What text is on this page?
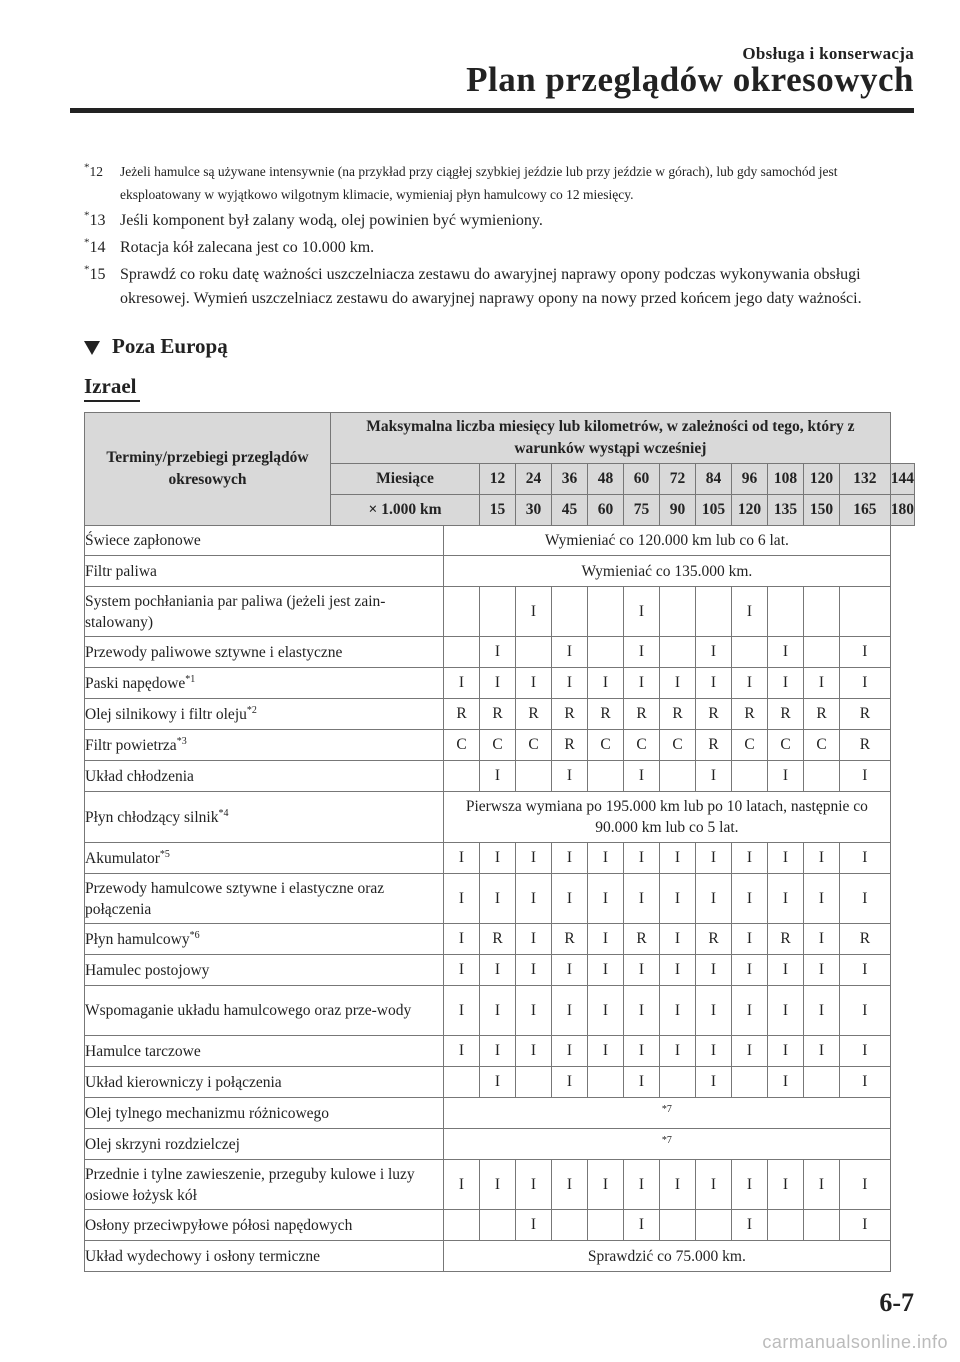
Obsługa i konserwacja
Plan przeglądów okresowych
*12 Jeżeli hamulce są używane intensywnie (na przykład przy ciągłej szybkiej jeździe lub przy jeździe w górach), lub gdy samochód jest eksploatowany w wyjątkowo wilgotnym klimacie, wymieniaj płyn hamulcowy co 12 miesięcy.
*13 Jeśli komponent był zalany wodą, olej powinien być wymieniony.
*14 Rotacja kół zalecana jest co 10.000 km.
*15 Sprawdź co roku datę ważności uszczelniacza zestawu do awaryjnej naprawy opony podczas wykonywania obsługi okresowej. Wymień uszczelniacz zestawu do awaryjnej naprawy opony na nowy przed końcem jego daty ważności.
Poza Europą
Izrael
Terminy/przebiegi przeglądów okresowych	Maksymalna liczba miesięcy lub kilometrów, w zależności od tego, który z warunków wystąpi wcześniej													
	Miesiące		12	24	36	48	60	72	84	96	108	120	132	144
	× 1.000 km		15	30	45	60	75	90	105	120	135	150	165	180
Świece zapłonowe		Wymieniać co 120.000 km lub co 6 lat.												
Filtr paliwa		Wymieniać co 135.000 km.												
System pochłaniania par paliwa (jeżeli jest zain-stalowany)				I			I			I				
Przewody paliwowe sztywne i elastyczne			I		I		I		I		I		I	
Paski napędowe$^{*1}$		I	I	I	I	I	I	I	I	I	I	I	I	
Olej silnikowy i filtr oleju$^{*2}$		R	R	R	R	R	R	R	R	R	R	R	R	
Filtr powietrza$^{*3}$		C	C	C	R	C	C	C	R	C	C	C	R	
Układ chłodzenia			I		I		I		I		I		I	
Płyn chłodzący silnik$^{*4}$		Pierwsza wymiana po 195.000 km lub po 10 latach, następnie co 90.000 km lub co 5 lat.												
Akumulator$^{*5}$		I	I	I	I	I	I	I	I	I	I	I	I	
Przewody hamulcowe sztywne i elastyczne oraz połączenia		I	I	I	I	I	I	I	I	I	I	I	I	
Płyn hamulcowy$^{*6}$		I	R	I	R	I	R	I	R	I	R	I	R	
Hamulec postojowy		I	I	I	I	I	I	I	I	I	I	I	I	
Wspomaganie układu hamulcowego oraz prze-wody		I	I	I	I	I	I	I	I	I	I	I	I	
Hamulce tarczowe		I	I	I	I	I	I	I	I	I	I	I	I	
Układ kierowniczy i połączenia			I		I		I		I		I		I	
Olej tylnego mechanizmu różnicowego		$^{*7}$
Olej skrzyni rozdzielczej		$^{*7}$
Przednie i tylne zawieszenie, przeguby kulowe i luzy osiowe łożysk kół		I	I	I	I	I	I	I	I	I	I	I	I	
Osłony przeciwpyłowe półosi napędowych				I			I			I			I	
Układ wydechowy i osłony termiczne		Sprawdzić co 75.000 km.												
6-7
carmanualsonline.info
